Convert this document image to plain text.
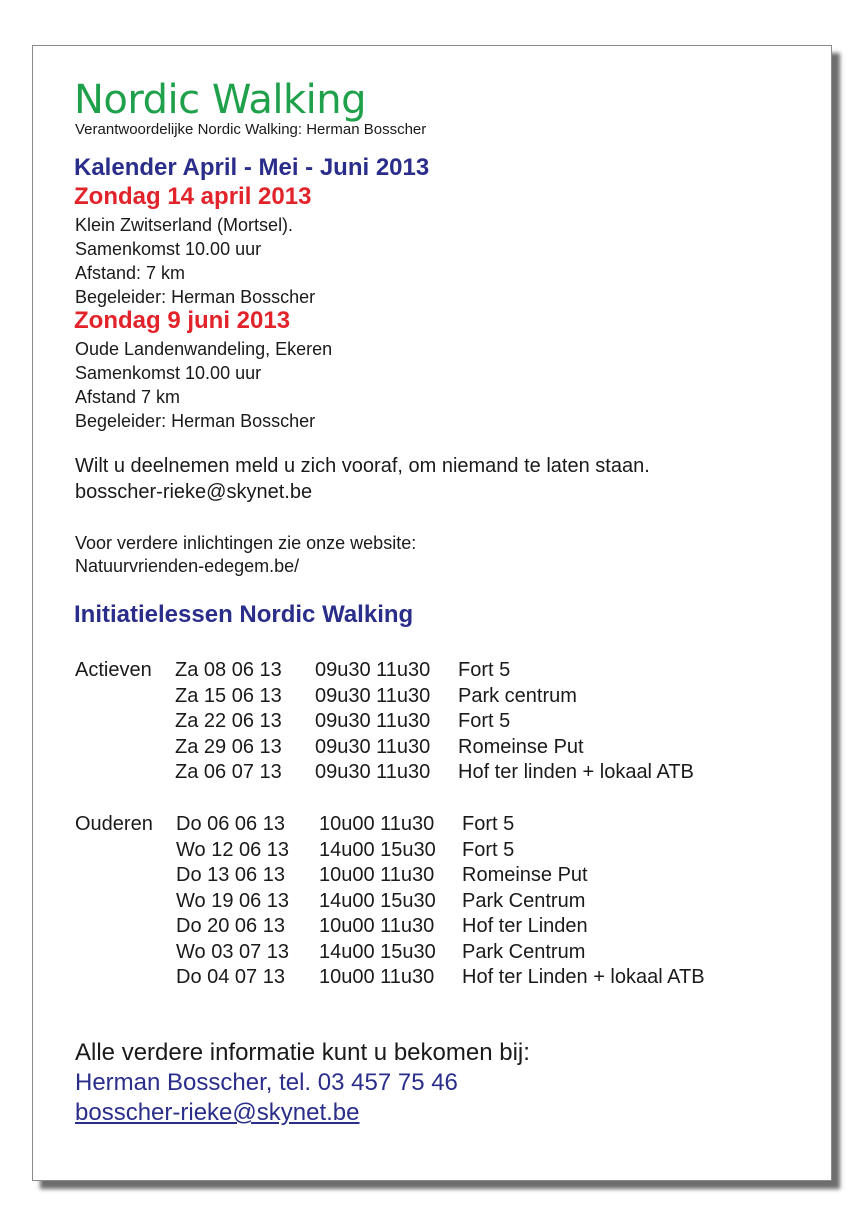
Nordic Walking
Verantwoordelijke Nordic Walking: Herman Bosscher
Kalender April - Mei - Juni 2013
Zondag 14 april 2013
Klein Zwitserland (Mortsel).
Samenkomst 10.00 uur
Afstand: 7 km
Begeleider: Herman Bosscher
Zondag 9 juni 2013
Oude Landenwandeling, Ekeren
Samenkomst 10.00 uur
Afstand 7 km
Begeleider: Herman Bosscher
Wilt u deelnemen meld u zich vooraf, om niemand te laten staan.
bosscher-rieke@skynet.be
Voor verdere inlichtingen zie onze website:
Natuurvrienden-edegem.be/
Initiatielessen Nordic Walking
Actieven Za 08 06 13	09u30 11u30	Fort 5
Za 15 06 13	09u30 11u30	Park centrum
Za 22 06 13	09u30 11u30	Fort 5
Za 29 06 13	09u30 11u30	Romeinse Put
Za 06 07 13	09u30 11u30	Hof ter linden + lokaal ATB
Ouderen Do 06 06 13	10u00 11u30	Fort 5
Wo 12 06 13	14u00 15u30	Fort 5
Do 13 06 13	10u00 11u30	Romeinse Put
Wo 19 06 13	14u00 15u30	Park Centrum
Do 20 06 13	10u00 11u30	Hof ter Linden
Wo 03 07 13	14u00 15u30	Park Centrum
Do 04 07 13	10u00 11u30	Hof ter Linden + lokaal ATB
Alle verdere informatie kunt u bekomen bij:
Herman Bosscher, tel. 03 457 75 46
bosscher-rieke@skynet.be
